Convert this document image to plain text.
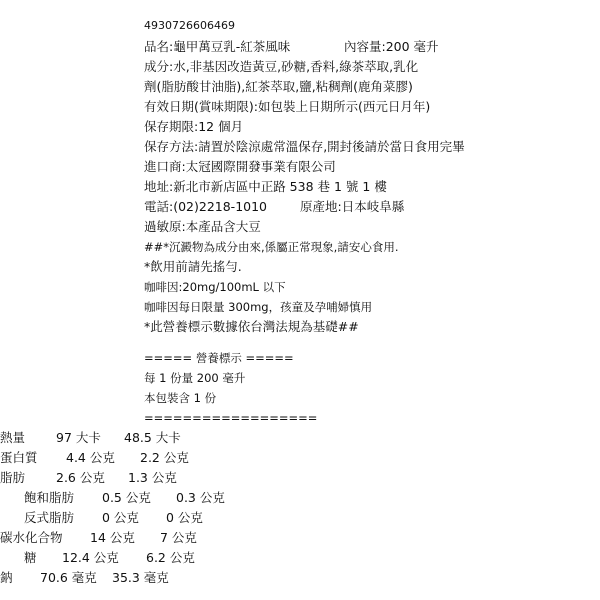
4930726606469
品名:龜甲萬豆乳-紅茶風味	內容量:200 毫升
成分:水,非基因改造黃豆,砂糖,香料,綠茶萃取,乳化
劑(脂肪酸甘油脂),紅茶萃取,鹽,粘稠劑(鹿角菜膠)
有效日期(賞味期限):如包裝上日期所示(西元日月年)
保存期限:12 個月
保存方法:請置於陰涼處常溫保存,開封後請於當日食用完畢
進口商:太冠國際開發事業有限公司
地址:新北市新店區中正路 538 巷 1 號 1 樓
電話:(02)2218-1010	原產地:日本岐阜縣
過敏原:本產品含大豆
##*沉澱物為成分由來,係屬正常現象,請安心食用.
*飲用前請先搖勻.
咖啡因:20mg/100mL 以下
咖啡因每日限量 300mg，孩童及孕哺婦慎用
*此營養標示數據依台灣法規為基礎##
===== 營養標示 =====
每 1 份量 200 毫升
本包裝含 1 份
==================
熱量 97 大卡 48.5 大卡
蛋白質 4.4 公克 2.2 公克
脂肪 2.6 公克 1.3 公克
飽和脂肪 0.5 公克 0.3 公克
反式脂肪 0 公克 0 公克
碳水化合物 14 公克 7 公克
糖 12.4 公克 6.2 公克
鈉 70.6 毫克 35.3 毫克
